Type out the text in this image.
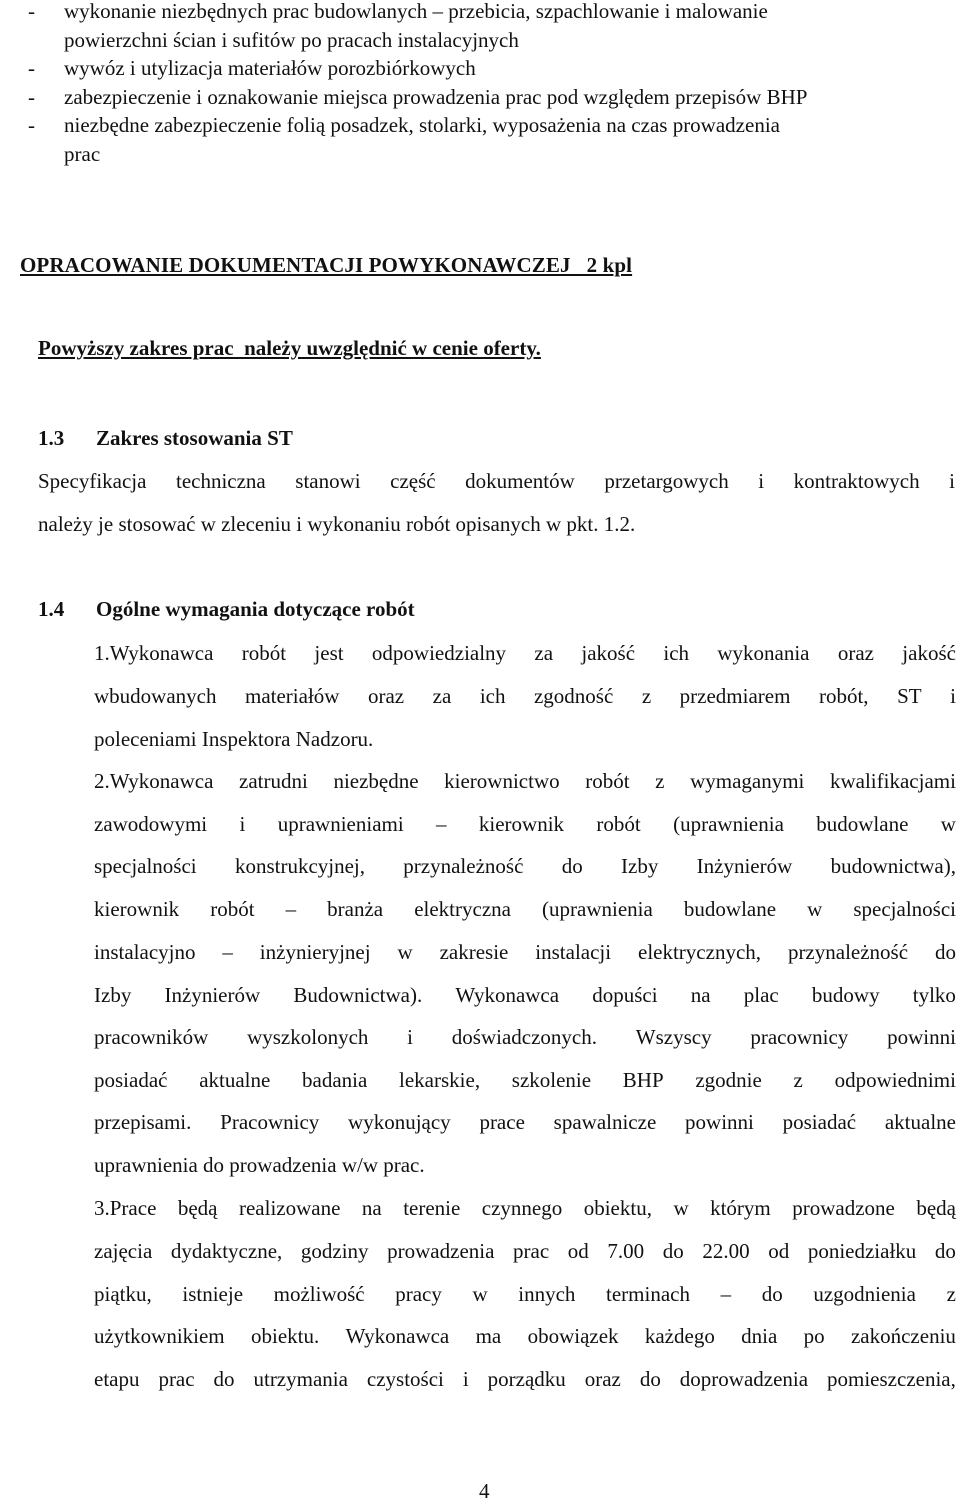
- wykonanie niezbędnych prac budowlanych – przebicia, szpachlowanie i malowanie
powierzchni ścian i sufitów po pracach instalacyjnych
- wywóz i utylizacja materiałów porozbiórkowych
- zabezpieczenie i oznakowanie miejsca prowadzenia prac pod względem przepisów BHP
- niezbędne zabezpieczenie folią posadzek, stolarki, wyposażenia na czas prowadzenia
prac
OPRACOWANIE DOKUMENTACJI POWYKONAWCZEJ   2 kpl
Powyższy zakres prac  należy uwzględnić w cenie oferty.
1.3 Zakres stosowania ST
Specyfikacja techniczna stanowi część dokumentów przetargowych i kontraktowych i
należy je stosować w zleceniu i wykonaniu robót opisanych w pkt. 1.2.
1.4 Ogólne wymagania dotyczące robót
1.Wykonawca robót jest odpowiedzialny za jakość ich wykonania oraz jakość
wbudowanych materiałów oraz za ich zgodność z przedmiarem robót, ST i
poleceniami Inspektora Nadzoru.
2.Wykonawca zatrudni niezbędne kierownictwo robót z wymaganymi kwalifikacjami
zawodowymi i uprawnieniami – kierownik robót (uprawnienia budowlane w
specjalności konstrukcyjnej, przynależność do Izby Inżynierów budownictwa),
kierownik robót – branża elektryczna (uprawnienia budowlane w specjalności
instalacyjno – inżynieryjnej w zakresie instalacji elektrycznych, przynależność do
Izby Inżynierów Budownictwa). Wykonawca dopuści na plac budowy tylko
pracowników wyszkolonych i doświadczonych. Wszyscy pracownicy powinni
posiadać aktualne badania lekarskie, szkolenie BHP zgodnie z odpowiednimi
przepisami. Pracownicy wykonujący prace spawalnicze powinni posiadać aktualne
uprawnienia do prowadzenia w/w prac.
3.Prace będą realizowane na terenie czynnego obiektu, w którym prowadzone będą
zajęcia dydaktyczne, godziny prowadzenia prac od 7.00 do 22.00 od poniedziałku do
piątku, istnieje możliwość pracy w innych terminach – do uzgodnienia z
użytkownikiem obiektu. Wykonawca ma obowiązek każdego dnia po zakończeniu
etapu prac do utrzymania czystości i porządku oraz do doprowadzenia pomieszczenia,
4
